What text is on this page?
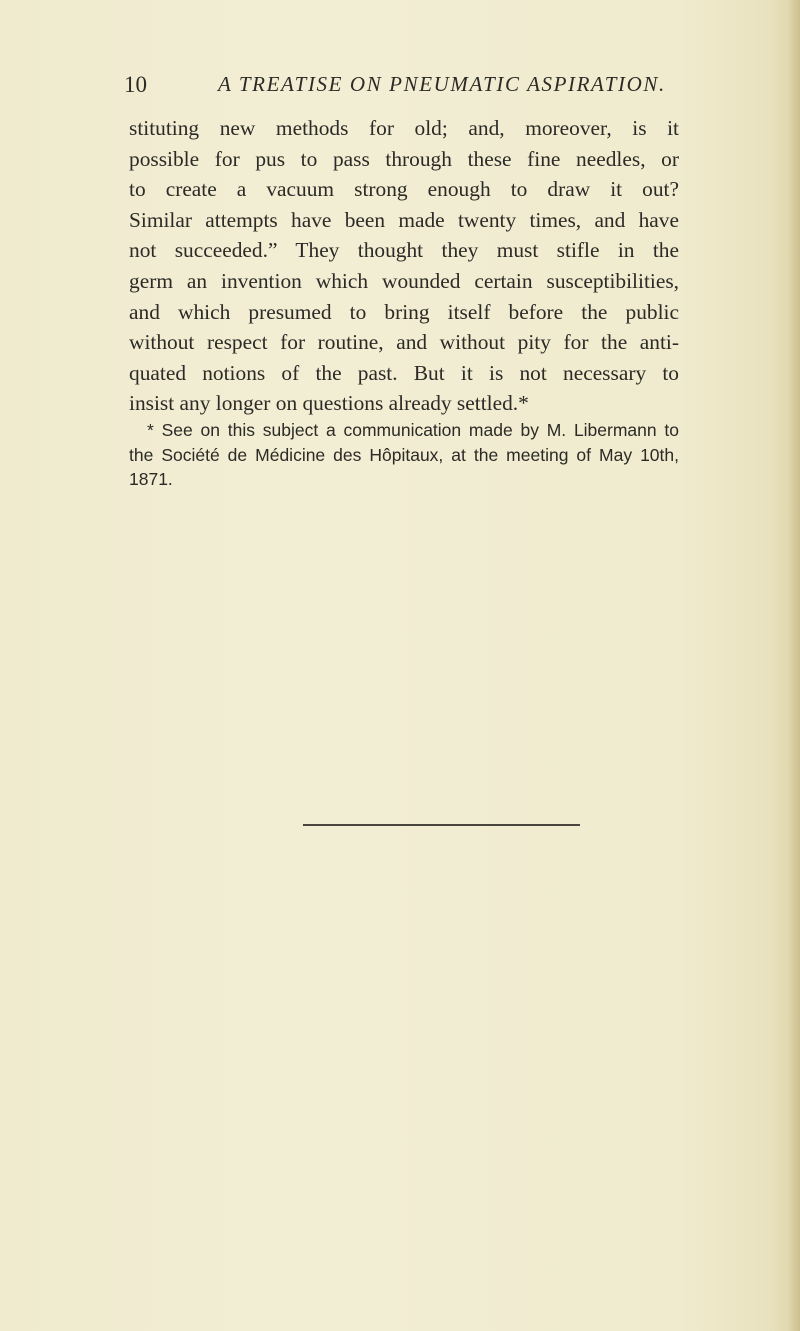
10	A TREATISE ON PNEUMATIC ASPIRATION.
stituting new methods for old; and, moreover, is it
possible for pus to pass through these fine needles, or
to create a vacuum strong enough to draw it out?
Similar attempts have been made twenty times, and have
not succeeded.” They thought they must stifle in the
germ an invention which wounded certain susceptibilities,
and which presumed to bring itself before the public
without respect for routine, and without pity for the anti-
quated notions of the past. But it is not necessary to
insist any longer on questions already settled.*
* See on this subject a communication made by M. Libermann to
the Société de Médicine des Hôpitaux, at the meeting of May 10th,
1871.
